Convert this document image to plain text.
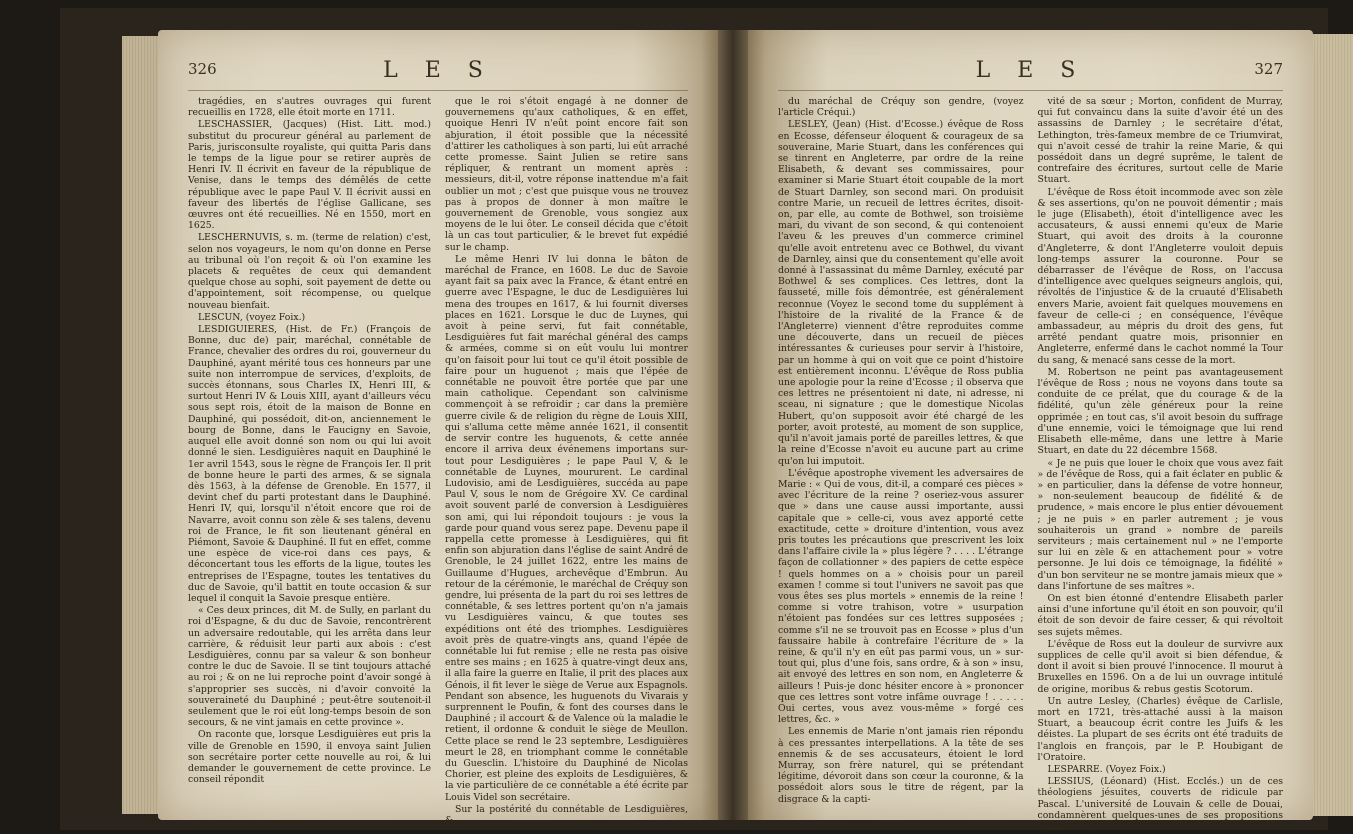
326	L E S

tragédies, en s'autres ouvrages qui furent recueillis en 1728, elle étoit morte en 1711.

LESCHASSIER, (Jacques) (Hist. Litt. mod.) substitut du procureur général au parlement de Paris, jurisconsulte royaliste, qui quitta Paris dans le temps de la ligue pour se retirer auprès de Henri IV. Il écrivit en faveur de la république de Venise, dans le temps des démêlés de cette république avec le pape Paul V. Il écrivit aussi en faveur des libertés de l'église Gallicane, ses œuvres ont été recueillies. Né en 1550, mort en 1625.

LESCHERNUVIS, s. m. (terme de relation) c'est, selon nos voyageurs, le nom qu'on donne en Perse au tribunal où l'on reçoit & où l'on examine les placets & requêtes de ceux qui demandent quelque chose au sophi, soit payement de dette ou d'appointement, soit récompense, ou quelque nouveau bienfait.

LESCUN, (voyez Foix.)

LESDIGUIERES, (Hist. de Fr.) (François de Bonne, duc de) pair, maréchal, connétable de France, chevalier des ordres du roi, gouverneur du Dauphiné, ayant mérité tous ces honneurs par une suite non interrompue de services, d'exploits, de succès étonnans, sous Charles IX, Henri III, & surtout Henri IV & Louis XIII, ayant d'ailleurs vécu sous sept rois, étoit de la maison de Bonne en Dauphiné, qui possédoit, dit-on, anciennement le bourg de Bonne, dans le Faucigny en Savoie, auquel elle avoit donné son nom ou qui lui avoit donné le sien. Lesdiguières naquit en Dauphiné le 1er avril 1543, sous le règne de François Ier. Il prit de bonne heure le parti des armes, & se signala dès 1563, à la défense de Grenoble. En 1577, il devint chef du parti protestant dans le Dauphiné. Henri IV, qui, lorsqu'il n'étoit encore que roi de Navarre, avoit connu son zèle & ses talens, devenu roi de France, le fit son lieutenant général en Piémont, Savoie & Dauphiné. Il fut en effet, comme une espèce de vice-roi dans ces pays, & déconcertant tous les efforts de la ligue, toutes les entreprises de l'Espagne, toutes les tentatives du duc de Savoie, qu'il battit en toute occasion & sur lequel il conquit la Savoie presque entière.

« Ces deux princes, dit M. de Sully, en parlant du roi d'Espagne, & du duc de Savoie, rencontrèrent un adversaire redoutable, qui les arrêta dans leur carrière, & réduisit leur parti aux abois : c'est Lesdiguières, connu par sa valeur & son bonheur contre le duc de Savoie. Il se tint toujours attaché au roi ; & on ne lui reproche point d'avoir songé à s'approprier ses succès, ni d'avoir convoité la souveraineté du Dauphiné ; peut-être soutenoit-il seulement que le roi eût long-temps besoin de son secours, & ne vint jamais en cette province ».

On raconte que, lorsque Lesdiguières eut pris la ville de Grenoble en 1590, il envoya saint Julien son secrétaire porter cette nouvelle au roi, & lui demander le gouvernement de cette province. Le conseil répondit

que le roi s'étoit engagé à ne donner de gouvernemens qu'aux catholiques, & en effet, quoique Henri IV n'eût point encore fait son abjuration, il étoit possible que la nécessité d'attirer les catholiques à son parti, lui eût arraché cette promesse. Saint Julien se retire sans répliquer, & rentrant un moment après : messieurs, dit-il, votre réponse inattendue m'a fait oublier un mot ; c'est que puisque vous ne trouvez pas à propos de donner à mon maître le gouvernement de Grenoble, vous songiez aux moyens de le lui ôter. Le conseil décida que c'étoit là un cas tout particulier, & le brevet fut expédié sur le champ.

Le même Henri IV lui donna le bâton de maréchal de France, en 1608. Le duc de Savoie ayant fait sa paix avec la France, & étant entré en guerre avec l'Espagne, le duc de Lesdiguières lui mena des troupes en 1617, & lui fournit diverses places en 1621. Lorsque le duc de Luynes, qui avoit à peine servi, fut fait connétable, Lesdiguières fut fait maréchal général des camps & armées, comme si on eût voulu lui montrer qu'on faisoit pour lui tout ce qu'il étoit possible de faire pour un huguenot ; mais que l'épée de connétable ne pouvoit être portée que par une main catholique. Cependant son calvinisme commençoit à se refroidir ; car dans la première guerre civile & de religion du règne de Louis XIII, qui s'alluma cette même année 1621, il consentit de servir contre les huguenots, & cette année encore il arriva deux événemens importans sur-tout pour Lesdiguières ; le pape Paul V, & le connétable de Luynes, moururent. Le cardinal Ludovisio, ami de Lesdiguières, succéda au pape Paul V, sous le nom de Grégoire XV. Ce cardinal avoit souvent parlé de conversion à Lesdiguières son ami, qui lui répondoit toujours : je vous la garde pour quand vous serez pape. Devenu pape il rappella cette promesse à Lesdiguières, qui fit enfin son abjuration dans l'église de saint André de Grenoble, le 24 juillet 1622, entre les mains de Guillaume d'Hugues, archevêque d'Embrun. Au retour de la cérémonie, le maréchal de Créquy son gendre, lui présenta de la part du roi ses lettres de connétable, & ses lettres portent qu'on n'a jamais vu Lesdiguières vaincu, & que toutes ses expéditions ont été des triomphes. Lesdiguières avoit près de quatre-vingts ans, quand l'épée de connétable lui fut remise ; elle ne resta pas oisive entre ses mains ; en 1625 à quatre-vingt deux ans, il alla faire la guerre en Italie, il prit des places aux Génois, il fit lever le siège de Verue aux Espagnols. Pendant son absence, les huguenots du Vivarais y surprennent le Poufin, & font des courses dans le Dauphiné ; il accourt & de Valence où la maladie le retient, il ordonne & conduit le siège de Meullon. Cette place se rend le 23 septembre, Lesdiguières meurt le 28, en triomphant comme le connétable du Guesclin. L'histoire du Dauphiné de Nicolas Chorier, est pleine des exploits de Lesdiguières, & la vie particulière de ce connétable a été écrite par Louis Videl son secrétaire.

Sur la postérité du connétable de Lesdiguières, &

L E S	327

du maréchal de Créquy son gendre, (voyez l'article Créqui.)

LESLEY, (Jean) (Hist. d'Ecosse.) évêque de Ross en Ecosse, défenseur éloquent & courageux de sa souveraine, Marie Stuart, dans les conférences qui se tinrent en Angleterre, par ordre de la reine Elisabeth, & devant ses commissaires, pour examiner si Marie Stuart étoit coupable de la mort de Stuart Darnley, son second mari. On produisit contre Marie, un recueil de lettres écrites, disoit-on, par elle, au comte de Bothwel, son troisième mari, du vivant de son second, & qui contenoient l'aveu & les preuves d'un commerce criminel qu'elle avoit entretenu avec ce Bothwel, du vivant de Darnley, ainsi que du consentement qu'elle avoit donné à l'assassinat du même Darnley, exécuté par Bothwel & ses complices. Ces lettres, dont la fausseté, mille fois démontrée, est généralement reconnue (Voyez le second tome du supplément à l'histoire de la rivalité de la France & de l'Angleterre) viennent d'être reproduites comme une découverte, dans un recueil de pièces intéressantes & curieuses pour servir à l'histoire, par un homme à qui on voit que ce point d'histoire est entièrement inconnu. L'évêque de Ross publia une apologie pour la reine d'Ecosse ; il observa que ces lettres ne présentoient ni date, ni adresse, ni sceau, ni signature ; que le domestique Nicolas Hubert, qu'on supposoit avoir été chargé de les porter, avoit protesté, au moment de son supplice, qu'il n'avoit jamais porté de pareilles lettres, & que la reine d'Ecosse n'avoit eu aucune part au crime qu'on lui imputoit.

L'évêque apostrophe vivement les adversaires de Marie : « Qui de vous, dit-il, a comparé ces pièces » avec l'écriture de la reine ? oseriez-vous assurer que » dans une cause aussi importante, aussi capitale que » celle-ci, vous avez apporté cette exactitude, cette » droiture d'intention, vous avez pris toutes les précautions que prescrivent les loix dans l'affaire civile la » plus légère ? . . . . L'étrange façon de collationner » des papiers de cette espèce ! quels hommes on a » choisis pour un pareil examen ! comme si tout l'univers ne savoit pas que vous êtes ses plus mortels » ennemis de la reine ! comme si votre trahison, votre » usurpation n'étoient pas fondées sur ces lettres supposées ; comme s'il ne se trouvoit pas en Ecosse » plus d'un faussaire habile à contrefaire l'écriture de » la reine, & qu'il n'y en eût pas parmi vous, un » sur-tout qui, plus d'une fois, sans ordre, & à son » insu, ait envoyé des lettres en son nom, en Angleterre & ailleurs ! Puis-je donc hésiter encore à » prononcer que ces lettres sont votre infâme ouvrage ! . . . . . Oui certes, vous avez vous-même » forgé ces lettres, &c. »

Les ennemis de Marie n'ont jamais rien répondu à ces pressantes interpellations. A la tête de ses ennemis & de ses accusateurs, étoient le lord Murray, son frère naturel, qui se prétendant légitime, dévoroit dans son cœur la couronne, & la possédoit alors sous le titre de régent, par la disgrace & la capti-

vité de sa sœur ; Morton, confident de Murray, qui fut convaincu dans la suite d'avoir été un des assassins de Darnley ; le secrétaire d'état, Lethington, très-fameux membre de ce Triumvirat, qui n'avoit cessé de trahir la reine Marie, & qui possédoit dans un degré suprême, le talent de contrefaire des écritures, surtout celle de Marie Stuart.

L'évêque de Ross étoit incommode avec son zèle & ses assertions, qu'on ne pouvoit démentir ; mais le juge (Elisabeth), étoit d'intelligence avec les accusateurs, & aussi ennemi qu'eux de Marie Stuart, qui avoit des droits à la couronne d'Angleterre, & dont l'Angleterre vouloit depuis long-temps assurer la couronne. Pour se débarrasser de l'évêque de Ross, on l'accusa d'intelligence avec quelques seigneurs anglois, qui, révoltés de l'injustice & de la cruauté d'Elisabeth envers Marie, avoient fait quelques mouvemens en faveur de celle-ci ; en conséquence, l'évêque ambassadeur, au mépris du droit des gens, fut arrêté pendant quatre mois, prisonnier en Angleterre, enfermé dans le cachot nommé la Tour du sang, & menacé sans cesse de la mort.

M. Robertson ne peint pas avantageusement l'évêque de Ross ; nous ne voyons dans toute sa conduite de ce prélat, que du courage & de la fidélité, qu'un zèle généreux pour la reine opprimée ; en tout cas, s'il avoit besoin du suffrage d'une ennemie, voici le témoignage que lui rend Elisabeth elle-même, dans une lettre à Marie Stuart, en date du 22 décembre 1568.

« Je ne puis que louer le choix que vous avez fait » de l'évêque de Ross, qui a fait éclater en public & » en particulier, dans la défense de votre honneur, » non-seulement beaucoup de fidélité & de prudence, » mais encore le plus entier dévouement ; je ne puis » en parler autrement ; je vous souhaiterois un grand » nombre de pareils serviteurs ; mais certainement nul » ne l'emporte sur lui en zèle & en attachement pour » votre personne. Je lui dois ce témoignage, la fidélité » d'un bon serviteur ne se montre jamais mieux que » dans l'infortune de ses maîtres ».

On est bien étonné d'entendre Elisabeth parler ainsi d'une infortune qu'il étoit en son pouvoir, qu'il étoit de son devoir de faire cesser, & qui révoltoit ses sujets mêmes.

L'évêque de Ross eut la douleur de survivre aux supplices de celle qu'il avoit si bien défendue, & dont il avoit si bien prouvé l'innocence. Il mourut à Bruxelles en 1596. On a de lui un ouvrage intitulé de origine, moribus & rebus gestis Scotorum.

Un autre Lesley, (Charles) évêque de Carlisle, mort en 1721, très-attaché aussi à la maison Stuart, a beaucoup écrit contre les Juifs & les déistes. La plupart de ses écrits ont été traduits de l'anglois en françois, par le P. Houbigant de l'Oratoire.

LESPARRE. (Voyez Foix.)

LESSIUS, (Léonard) (Hist. Ecclés.) un de ces théologiens jésuites, couverts de ridicule par Pascal. L'université de Louvain & celle de Douai, condamnèrent quelques-unes de ses propositions comme favo-
